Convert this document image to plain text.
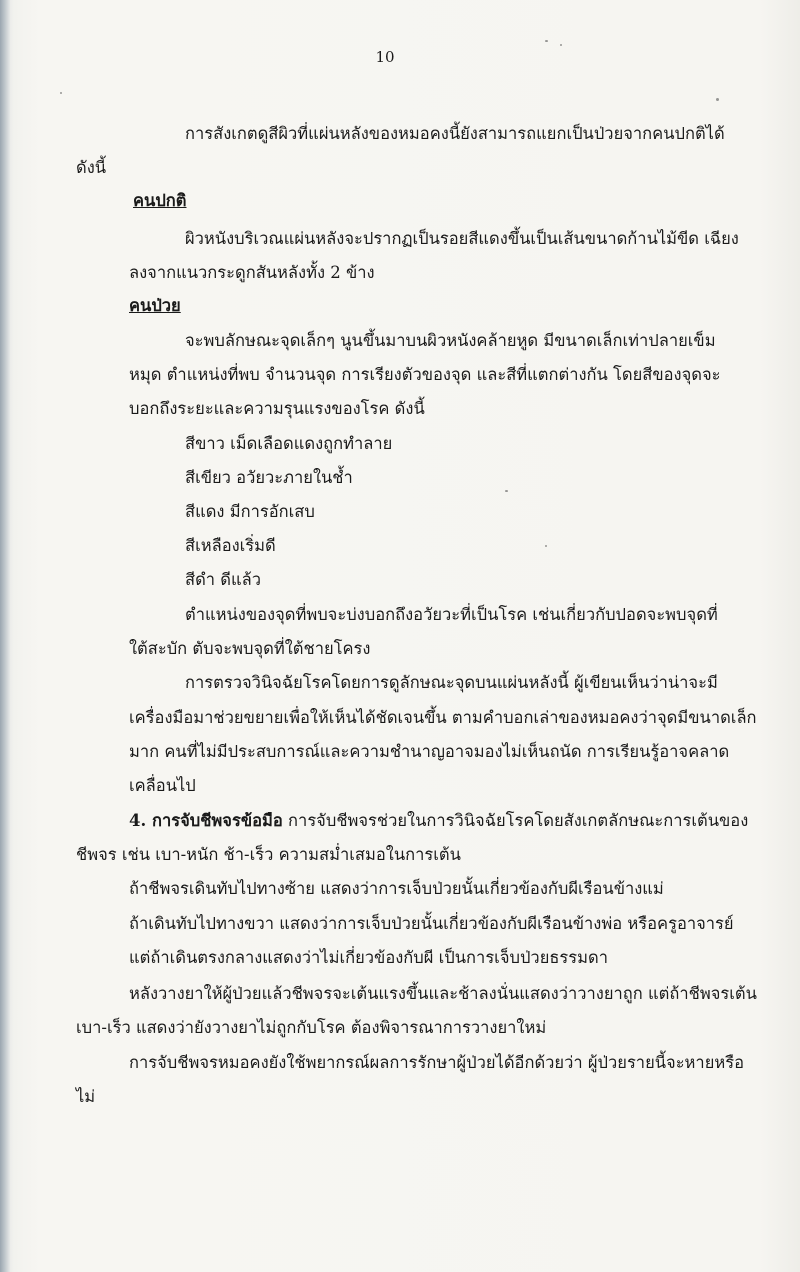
10
การสังเกตดูสีผิวที่แผ่นหลังของหมอคงนี้ยังสามารถแยกเป็นป่วยจากคนปกติได้
ดังนี้
คนปกติ
ผิวหนังบริเวณแผ่นหลังจะปรากฏเป็นรอยสีแดงขึ้นเป็นเส้นขนาดก้านไม้ขีด เฉียง
ลงจากแนวกระดูกสันหลังทั้ง 2 ข้าง
คนป่วย
จะพบลักษณะจุดเล็กๆ นูนขึ้นมาบนผิวหนังคล้ายหูด มีขนาดเล็กเท่าปลายเข็ม
หมุด ตำแหน่งที่พบ จำนวนจุด การเรียงตัวของจุด และสีที่แตกต่างกัน โดยสีของจุดจะ
บอกถึงระยะและความรุนแรงของโรค ดังนี้
สีขาว เม็ดเลือดแดงถูกทำลาย
สีเขียว อวัยวะภายในช้ำ
สีแดง มีการอักเสบ
สีเหลืองเริ่มดี
สีดำ ดีแล้ว
ตำแหน่งของจุดที่พบจะบ่งบอกถึงอวัยวะที่เป็นโรค เช่นเกี่ยวกับปอดจะพบจุดที่
ใต้สะบัก ตับจะพบจุดที่ใต้ชายโครง
การตรวจวินิจฉัยโรคโดยการดูลักษณะจุดบนแผ่นหลังนี้ ผู้เขียนเห็นว่าน่าจะมี
เครื่องมือมาช่วยขยายเพื่อให้เห็นได้ชัดเจนขึ้น ตามคำบอกเล่าของหมอคงว่าจุดมีขนาดเล็ก
มาก คนที่ไม่มีประสบการณ์และความชำนาญอาจมองไม่เห็นถนัด การเรียนรู้อาจคลาด
เคลื่อนไป
4. การจับชีพจรข้อมือ การจับชีพจรช่วยในการวินิจฉัยโรคโดยสังเกตลักษณะการเต้นของ
ชีพจร เช่น เบา-หนัก ช้า-เร็ว ความสม่ำเสมอในการเต้น
ถ้าชีพจรเดินทับไปทางซ้าย แสดงว่าการเจ็บป่วยนั้นเกี่ยวข้องกับผีเรือนข้างแม่
ถ้าเดินทับไปทางขวา แสดงว่าการเจ็บป่วยนั้นเกี่ยวข้องกับผีเรือนข้างพ่อ หรือครูอาจารย์
แต่ถ้าเดินตรงกลางแสดงว่าไม่เกี่ยวข้องกับผี เป็นการเจ็บป่วยธรรมดา
หลังวางยาให้ผู้ป่วยแล้วชีพจรจะเต้นแรงขึ้นและช้าลงนั่นแสดงว่าวางยาถูก แต่ถ้าชีพจรเต้น
เบา-เร็ว แสดงว่ายังวางยาไม่ถูกกับโรค ต้องพิจารณาการวางยาใหม่
การจับชีพจรหมอคงยังใช้พยากรณ์ผลการรักษาผู้ป่วยได้อีกด้วยว่า ผู้ป่วยรายนี้จะหายหรือ
ไม่
